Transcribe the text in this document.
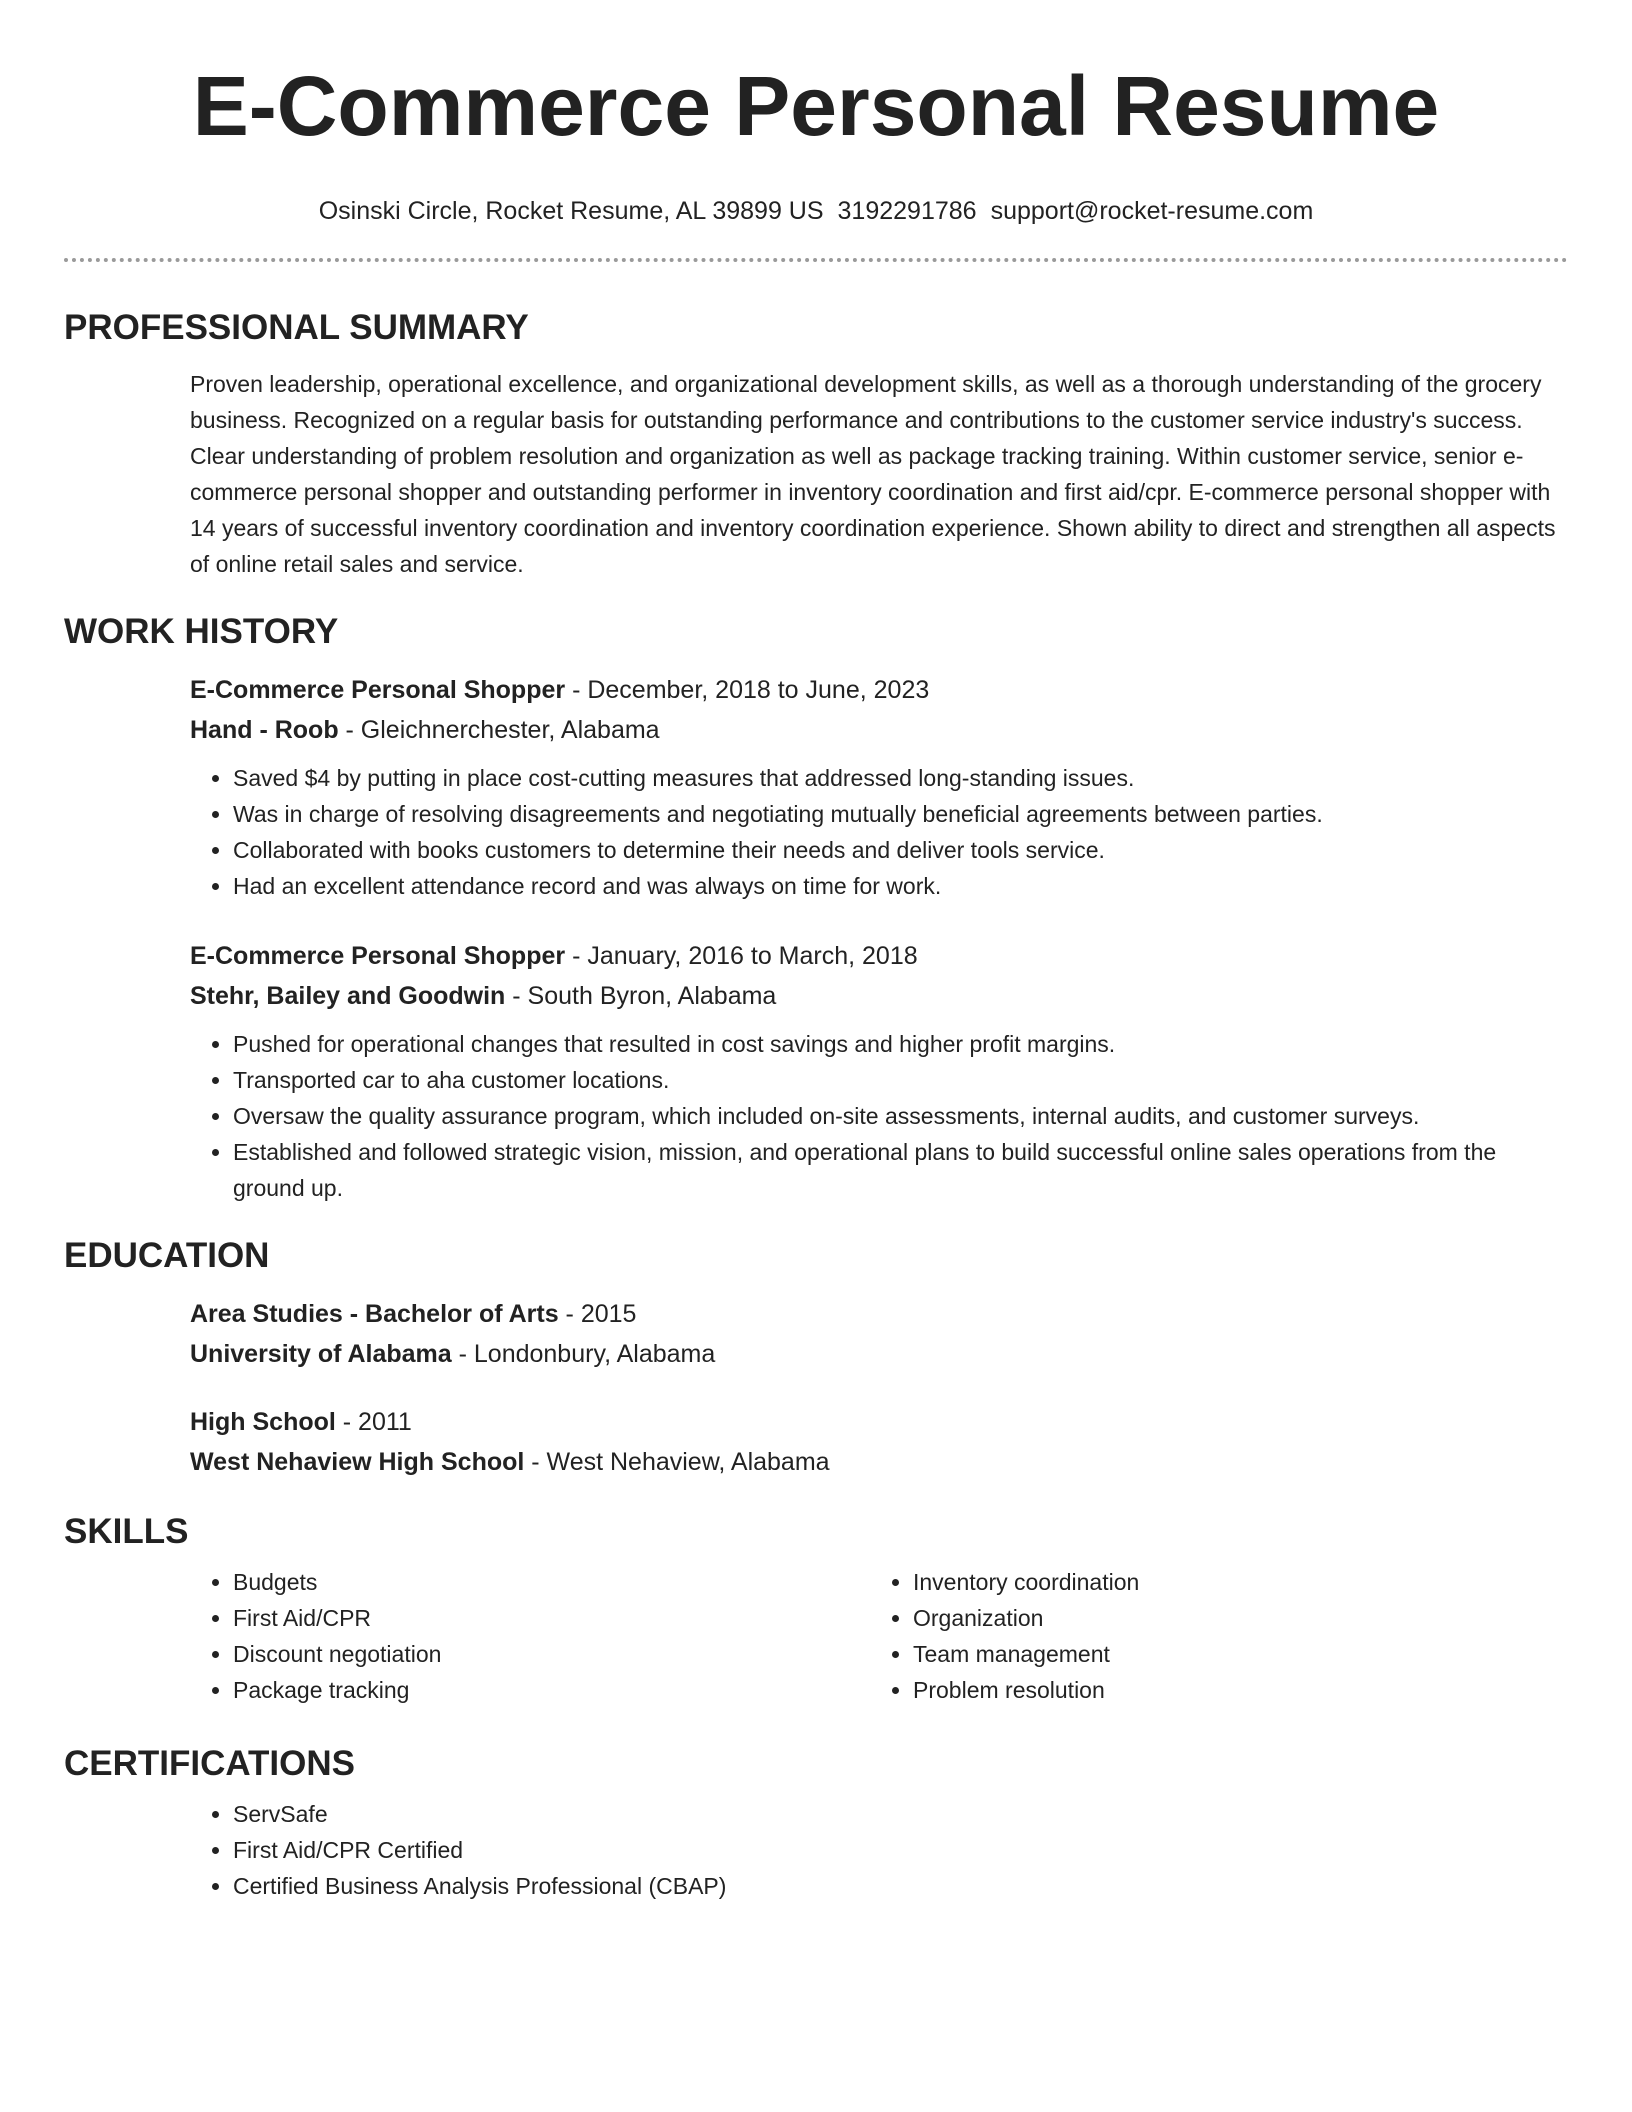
E-Commerce Personal Resume
Osinski Circle, Rocket Resume, AL 39899 US 3192291786 support@rocket-resume.com
PROFESSIONAL SUMMARY
Proven leadership, operational excellence, and organizational development skills, as well as a thorough understanding of the grocery business. Recognized on a regular basis for outstanding performance and contributions to the customer service industry's success. Clear understanding of problem resolution and organization as well as package tracking training. Within customer service, senior e-commerce personal shopper and outstanding performer in inventory coordination and first aid/cpr. E-commerce personal shopper with 14 years of successful inventory coordination and inventory coordination experience. Shown ability to direct and strengthen all aspects of online retail sales and service.
WORK HISTORY
E-Commerce Personal Shopper - December, 2018 to June, 2023
Hand - Roob - Gleichnerchester, Alabama
• Saved $4 by putting in place cost-cutting measures that addressed long-standing issues.
• Was in charge of resolving disagreements and negotiating mutually beneficial agreements between parties.
• Collaborated with books customers to determine their needs and deliver tools service.
• Had an excellent attendance record and was always on time for work.
E-Commerce Personal Shopper - January, 2016 to March, 2018
Stehr, Bailey and Goodwin - South Byron, Alabama
• Pushed for operational changes that resulted in cost savings and higher profit margins.
• Transported car to aha customer locations.
• Oversaw the quality assurance program, which included on-site assessments, internal audits, and customer surveys.
• Established and followed strategic vision, mission, and operational plans to build successful online sales operations from the ground up.
EDUCATION
Area Studies - Bachelor of Arts - 2015
University of Alabama - Londonbury, Alabama
High School - 2011
West Nehaview High School - West Nehaview, Alabama
SKILLS
• Budgets
• First Aid/CPR
• Discount negotiation
• Package tracking
• Inventory coordination
• Organization
• Team management
• Problem resolution
CERTIFICATIONS
• ServSafe
• First Aid/CPR Certified
• Certified Business Analysis Professional (CBAP)
